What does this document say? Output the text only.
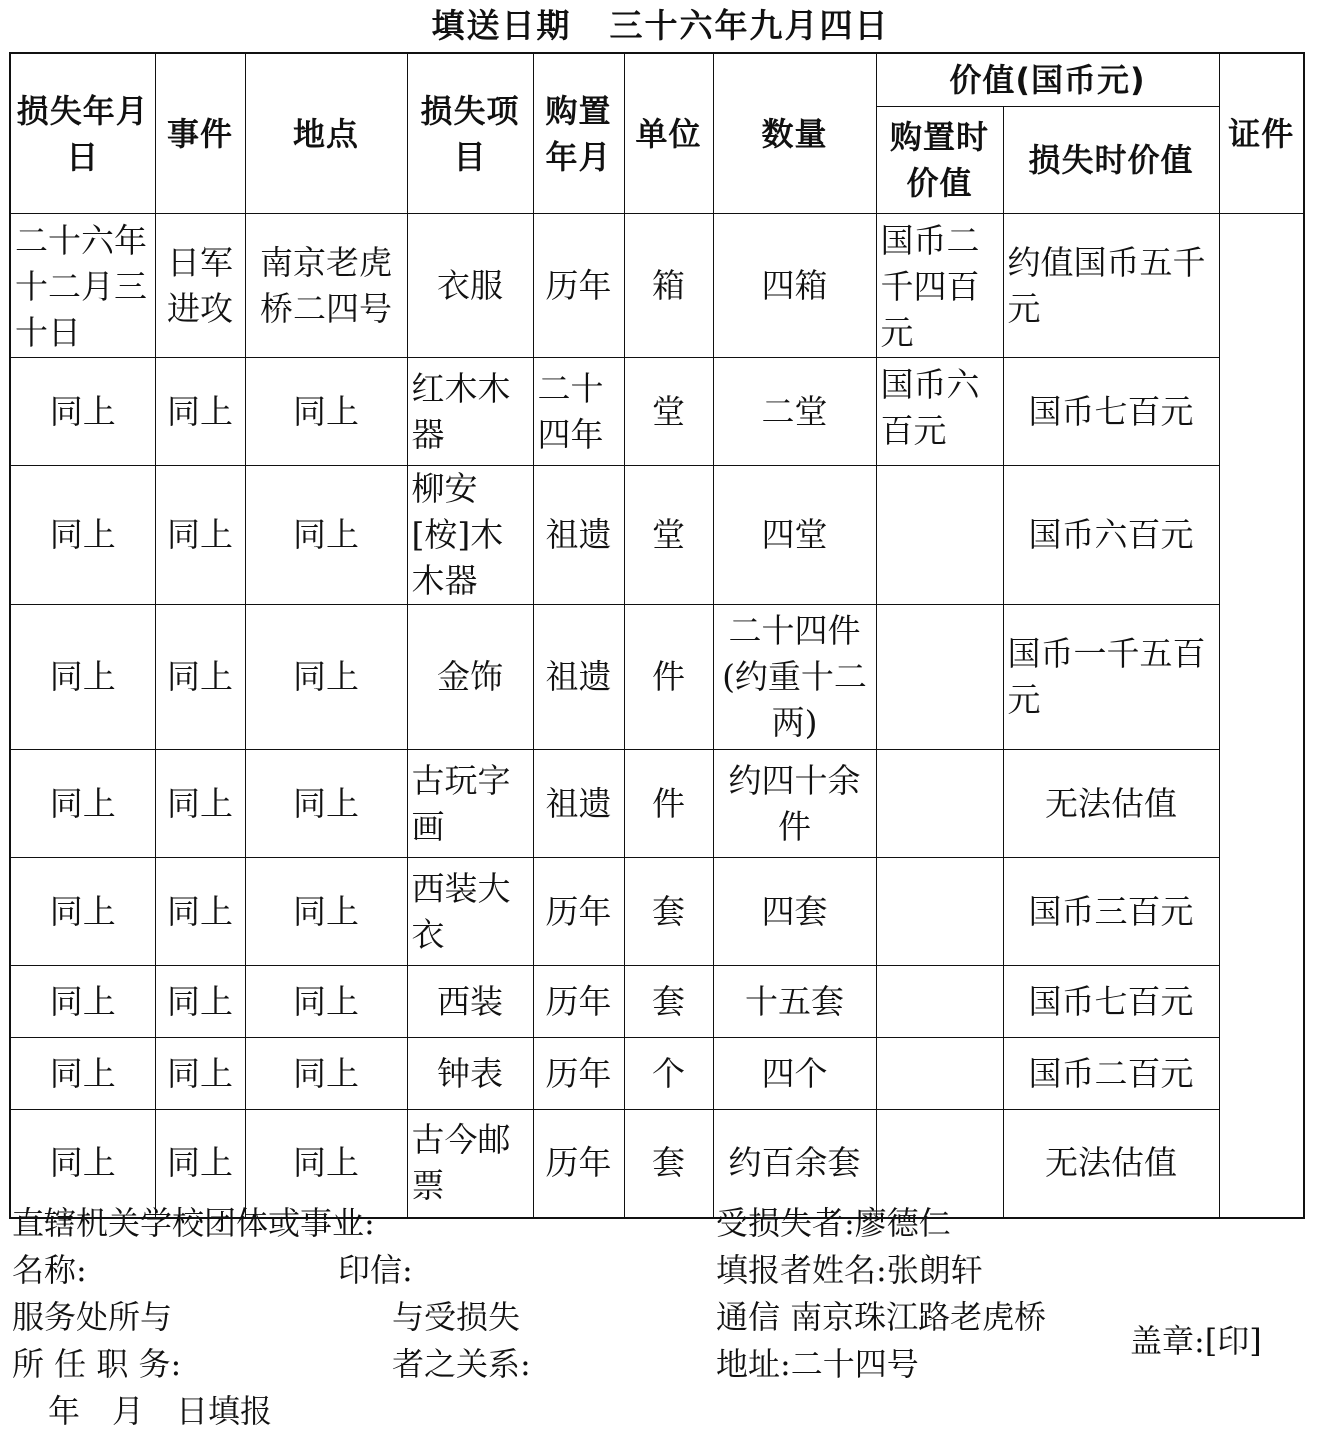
填送日期 三十六年九月四日
损失年月日	事件	地点	损失项目	购置年月	单位	数量	价值(国币元)		证件
							购置时价值	损失时价值	
二十六年十二月三十日	日军进攻	南京老虎桥二四号	衣服	历年	箱	四箱	国币二千四百元	约值国币五千元	
同上	同上	同上	红木木器	二十四年	堂	二堂	国币六百元	国币七百元	
同上	同上	同上	柳安[桉]木木器	祖遗	堂	四堂		国币六百元	
同上	同上	同上	金饰	祖遗	件	二十四件(约重十二两)		国币一千五百元	
同上	同上	同上	古玩字画	祖遗	件	约四十余件		无法估值	
同上	同上	同上	西装大衣	历年	套	四套		国币三百元	
同上	同上	同上	西装	历年	套	十五套		国币七百元	
同上	同上	同上	钟表	历年	个	四个		国币二百元	
同上	同上	同上	古今邮票	历年	套	约百余套		无法估值	
直辖机关学校团体或事业:
名称:	印信:
服务处所与
所 任 职 务:
与受损失
者之关系:
受损失者:廖德仁
填报者姓名:张朗轩
通信 南京珠江路老虎桥
地址:二十四号
盖章:[印]
年　月　日填报
